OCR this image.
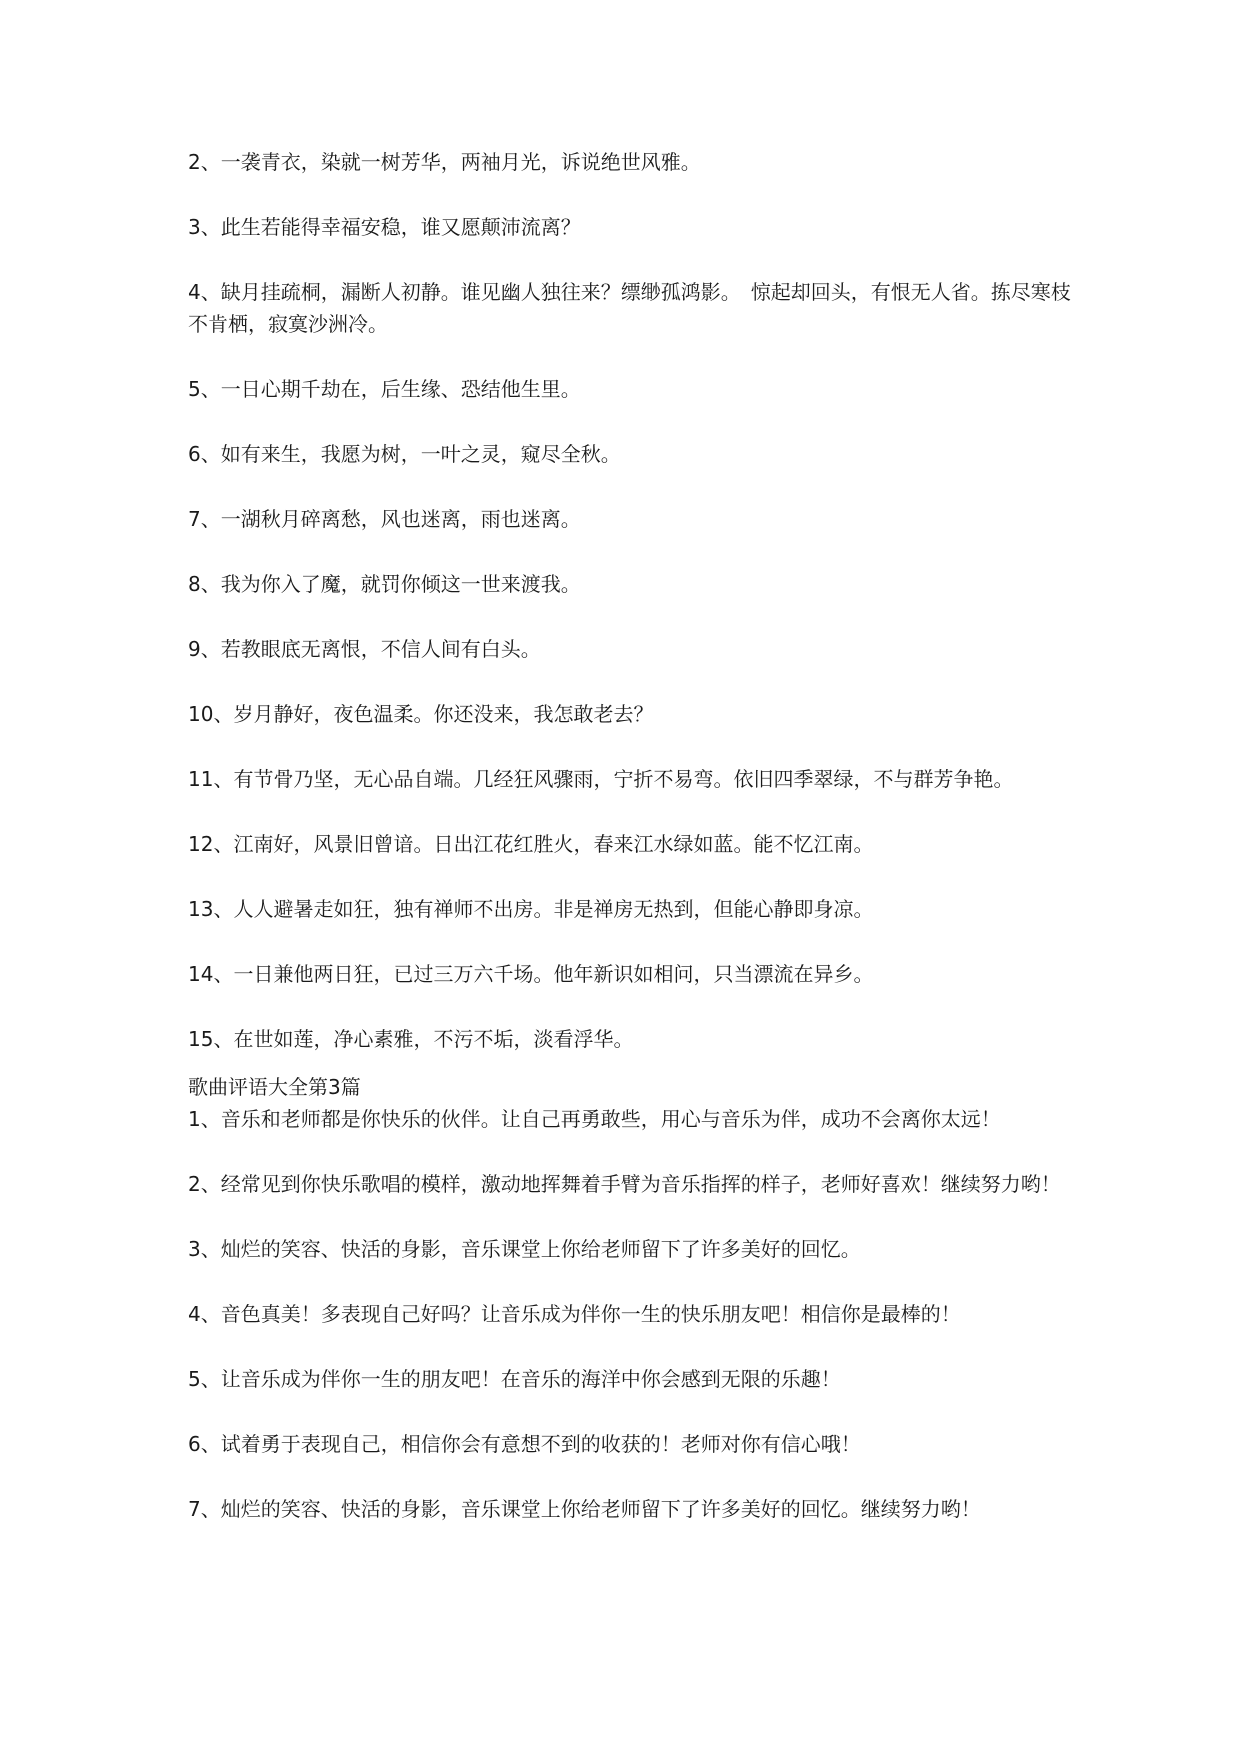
2、一袭青衣，染就一树芳华，两袖月光，诉说绝世风雅。

3、此生若能得幸福安稳，谁又愿颠沛流离？

4、缺月挂疏桐，漏断人初静。谁见幽人独往来？缥缈孤鸿影。　惊起却回头，有恨无人省。拣尽寒枝不肯栖，寂寞沙洲冷。

5、一日心期千劫在，后生缘、恐结他生里。

6、如有来生，我愿为树，一叶之灵，窥尽全秋。

7、一湖秋月碎离愁，风也迷离，雨也迷离。

8、我为你入了魔，就罚你倾这一世来渡我。

9、若教眼底无离恨，不信人间有白头。

10、岁月静好，夜色温柔。你还没来，我怎敢老去？

11、有节骨乃坚，无心品自端。几经狂风骤雨，宁折不易弯。依旧四季翠绿，不与群芳争艳。

12、江南好，风景旧曾谙。日出江花红胜火，春来江水绿如蓝。能不忆江南。

13、人人避暑走如狂，独有禅师不出房。非是禅房无热到，但能心静即身凉。

14、一日兼他两日狂，已过三万六千场。他年新识如相问，只当漂流在异乡。

15、在世如莲，净心素雅，不污不垢，淡看浮华。

歌曲评语大全第3篇

1、音乐和老师都是你快乐的伙伴。让自己再勇敢些，用心与音乐为伴，成功不会离你太远！

2、经常见到你快乐歌唱的模样，激动地挥舞着手臂为音乐指挥的样子，老师好喜欢！继续努力哟！

3、灿烂的笑容、快活的身影，音乐课堂上你给老师留下了许多美好的回忆。

4、音色真美！多表现自己好吗？让音乐成为伴你一生的快乐朋友吧！相信你是最棒的！

5、让音乐成为伴你一生的朋友吧！在音乐的海洋中你会感到无限的乐趣！

6、试着勇于表现自己，相信你会有意想不到的收获的！老师对你有信心哦！

7、灿烂的笑容、快活的身影，音乐课堂上你给老师留下了许多美好的回忆。继续努力哟！
